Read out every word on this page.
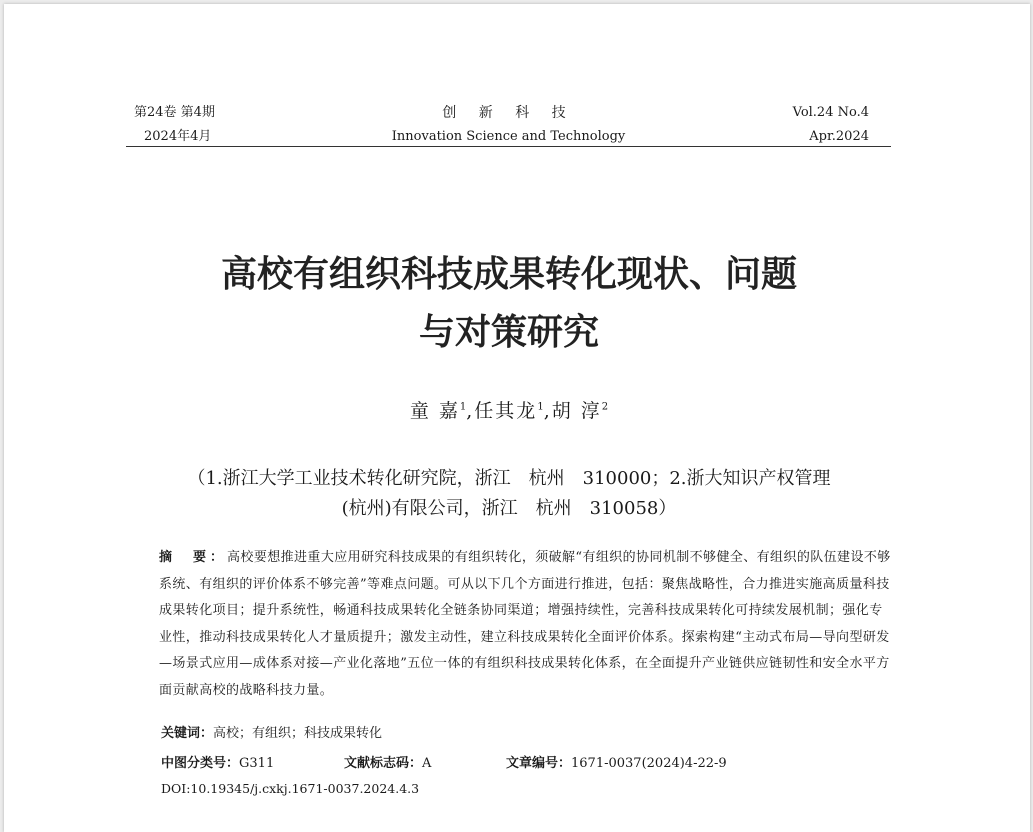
第24卷 第4期
2024年4月
创 新 科 技
Innovation Science and Technology
Vol.24 No.4
Apr.2024
高校有组织科技成果转化现状、问题
与对策研究
童 嘉$^1$,任其龙$^1$,胡 淳$^2$
（1.浙江大学工业技术转化研究院，浙江　杭州　310000；2.浙大知识产权管理
(杭州)有限公司，浙江　杭州　310058）
摘　要：高校要想推进重大应用研究科技成果的有组织转化，须破解“有组织的协同机制不够健全、有组织的队伍建设不够系统、有组织的评价体系不够完善”等难点问题。可从以下几个方面进行推进，包括：聚焦战略性，合力推进实施高质量科技成果转化项目；提升系统性，畅通科技成果转化全链条协同渠道；增强持续性，完善科技成果转化可持续发展机制；强化专业性，推动科技成果转化人才量质提升；激发主动性，建立科技成果转化全面评价体系。探索构建“主动式布局—导向型研发—场景式应用—成体系对接—产业化落地”五位一体的有组织科技成果转化体系，在全面提升产业链供应链韧性和安全水平方面贡献高校的战略科技力量。
关键词：高校；有组织；科技成果转化
中图分类号：G311	文献标志码：A	文章编号：1671-0037(2024)4-22-9
DOI:10.19345/j.cxkj.1671-0037.2024.4.3
